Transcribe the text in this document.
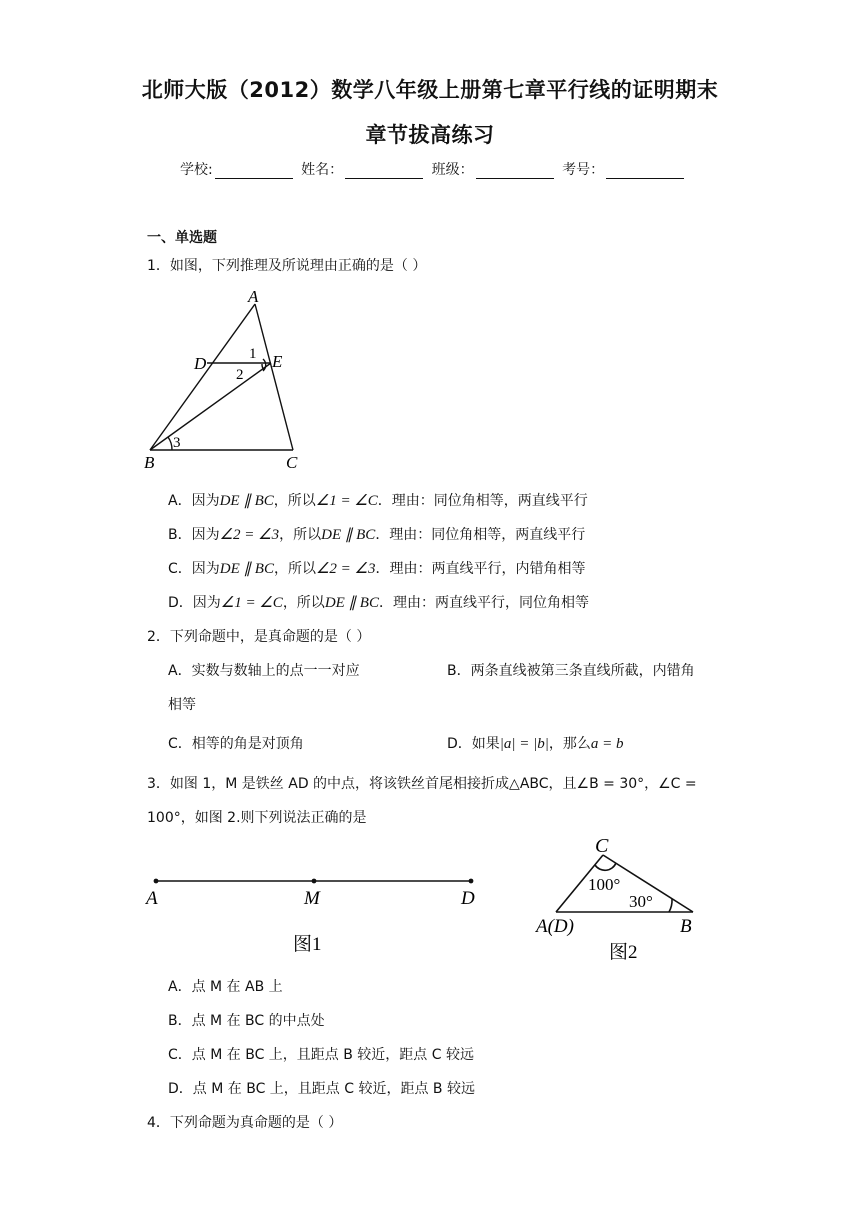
北师大版（2012）数学八年级上册第七章平行线的证明期末
章节拔高练习
学校:	姓名：	班级：	考号：
一、单选题
1．如图，下列推理及所说理由正确的是（ ）
A
D	E
B	C
1
2
3
A．因为DE ∥ BC，所以∠1 = ∠C．理由：同位角相等，两直线平行
B．因为∠2 = ∠3，所以DE ∥ BC．理由：同位角相等，两直线平行
C．因为DE ∥ BC，所以∠2 = ∠3．理由：两直线平行，内错角相等
D．因为∠1 = ∠C，所以DE ∥ BC．理由：两直线平行，同位角相等
2．下列命题中，是真命题的是（ ）
A．实数与数轴上的点一一对应	B．两条直线被第三条直线所截，内错角
相等
C．相等的角是对顶角	D．如果|a| = |b|，那么a = b
3．如图 1，M 是铁丝 AD 的中点，将该铁丝首尾相接折成△ABC，且∠B = 30°，∠C =
100°，如图 2.则下列说法正确的是
A	M	D
图1
C
100°
30°
A(D)	B
图2
A．点 M 在 AB 上
B．点 M 在 BC 的中点处
C．点 M 在 BC 上，且距点 B 较近，距点 C 较远
D．点 M 在 BC 上，且距点 C 较近，距点 B 较远
4．下列命题为真命题的是（ ）
